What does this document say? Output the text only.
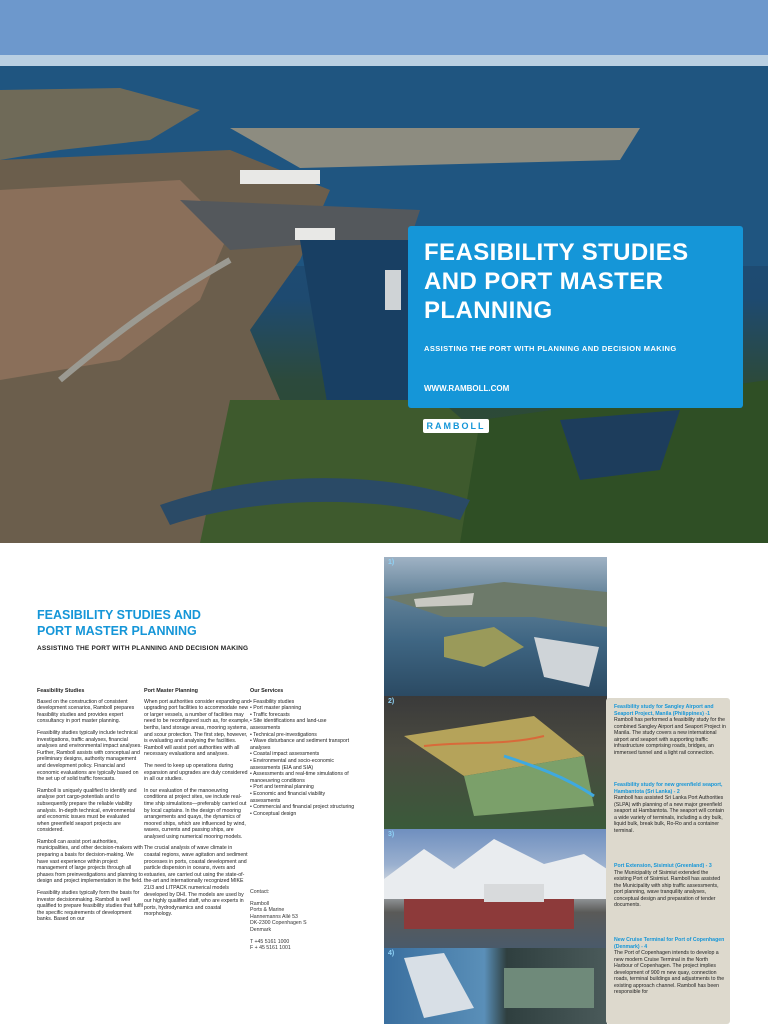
FEASIBILITY STUDIES AND PORT MASTER PLANNING
ASSISTING THE PORT WITH PLANNING AND DECISION MAKING
WWW.RAMBOLL.COM
RAMBOLL
FEASIBILITY STUDIES AND PORT MASTER PLANNING
ASSISTING THE PORT WITH PLANNING AND DECISION MAKING
Feasibility Studies

Based on the construction of consistent development scenarios, Ramboll prepares feasibility studies and provides expert consultancy in port master planning.

Feasibility studies typically include technical investigations, traffic analyses, financial analyses and environmental impact analyses. Further, Ramboll assists with conceptual and preliminary designs, authority management and development policy. Financial and economic evaluations are typically based on the set up of solid traffic forecasts.

Ramboll is uniquely qualified to identify and analyse port cargo-potentials and to subsequently prepare the reliable viability analysis. In-depth technical, environmental and economic issues must be evaluated when greenfield seaport projects are considered.

Ramboll can assist port authorities, municipalities, and other decision-makers with preparing a basis for decision-making. We have vast experience within project management of large projects through all phases from preinvestigations and planning to design and project implementation in the field.

Feasibility studies typically form the basis for investor decisionmaking. Ramboll is well qualified to prepare feasibility studies that fulfil the specific requirements of development banks. Based on our

Port Master Planning

When port authorities consider expanding and upgrading port facilities to accommodate new or larger vessels, a number of facilities may need to be reconfigured such as, for example, berths, land storage areas, mooring systems, and scour protection. The first step, however, is evaluating and analysing the facilities. Ramboll will assist port authorities with all necessary evaluations and analyses.

The need to keep up operations during expansion and upgrades are duly considered in all our studies.

In our evaluation of the manoeuvring conditions at project sites, we include real-time ship simulations—preferably carried out by local captains. In the design of mooring arrangements and quays, the dynamics of moored ships, which are influenced by wind, waves, currents and passing ships, are analysed using numerical mooring models.

The crucial analysis of wave climate in coastal regions, wave agitation and sediment processes in ports, coastal development and particle dispersion in oceans, rivers and estuaries, are carried out using the state-of-the-art and internationally recognized MIKE 21/3 and LITPACK numerical models developed by DHI. The models are used by our highly qualified staff, who are experts in ports, hydrodynamics and coastal morphology.

Our Services
• Feasibility studies
• Port master planning
• Traffic forecasts
• Site identifications and land-use assessments
• Technical pre-investigations
• Wave disturbance and sediment transport analyses
• Coastal impact assessments
• Environmental and socio-economic assessments (EIA and SIA)
• Assessments and real-time simulations of manoeuvring conditions
• Port and terminal planning
• Economic and financial viability assessments
• Commercial and financial project structuring
• Conceptual design

Contact:

Ramboll
Ports & Marine
Hannemanns Allé 53
DK-2300 Copenhagen S

Denmark

T +45 5161 1000
F + 45 5161 1001
1)
2)
3)
4)
Feasibility study for Sangley Airport and Seaport Project, Manila (Philippines) -1
Ramboll has performed a feasibility study for the combined Sangley Airport and Seaport Project in Manila. The study covers a new international airport and seaport with supporting traffic infrastructure comprising roads, bridges, an immersed tunnel and a light rail connection.
Feasibility study for new greenfield seaport, Hambantota (Sri Lanka) - 2
Ramboll has assisted Sri Lanka Port Authorities (SLPA) with planning of a new major greenfield seaport at Hambantota. The seaport will contain a wide variety of terminals, including a dry bulk, liquid bulk, break bulk, Ro-Ro and a container terminal.
Port Extension, Sisimiut (Greenland) - 3
The Municipality of Sisimiut extended the existing Port of Sisimiut. Ramboll has assisted the Municipality with ship traffic assessments, port planning, wave tranquility analyses, conceptual design and preparation of tender documents.
New Cruise Terminal for Port of Copenhagen (Denmark) - 4
The Port of Copenhagen intends to develop a new modern Cruise Terminal in the North Harbour of Copenhagen. The project implies development of 900 m new quay, connection roads, terminal buildings and adjustments to the existing approach channel. Ramboll has been responsible for
